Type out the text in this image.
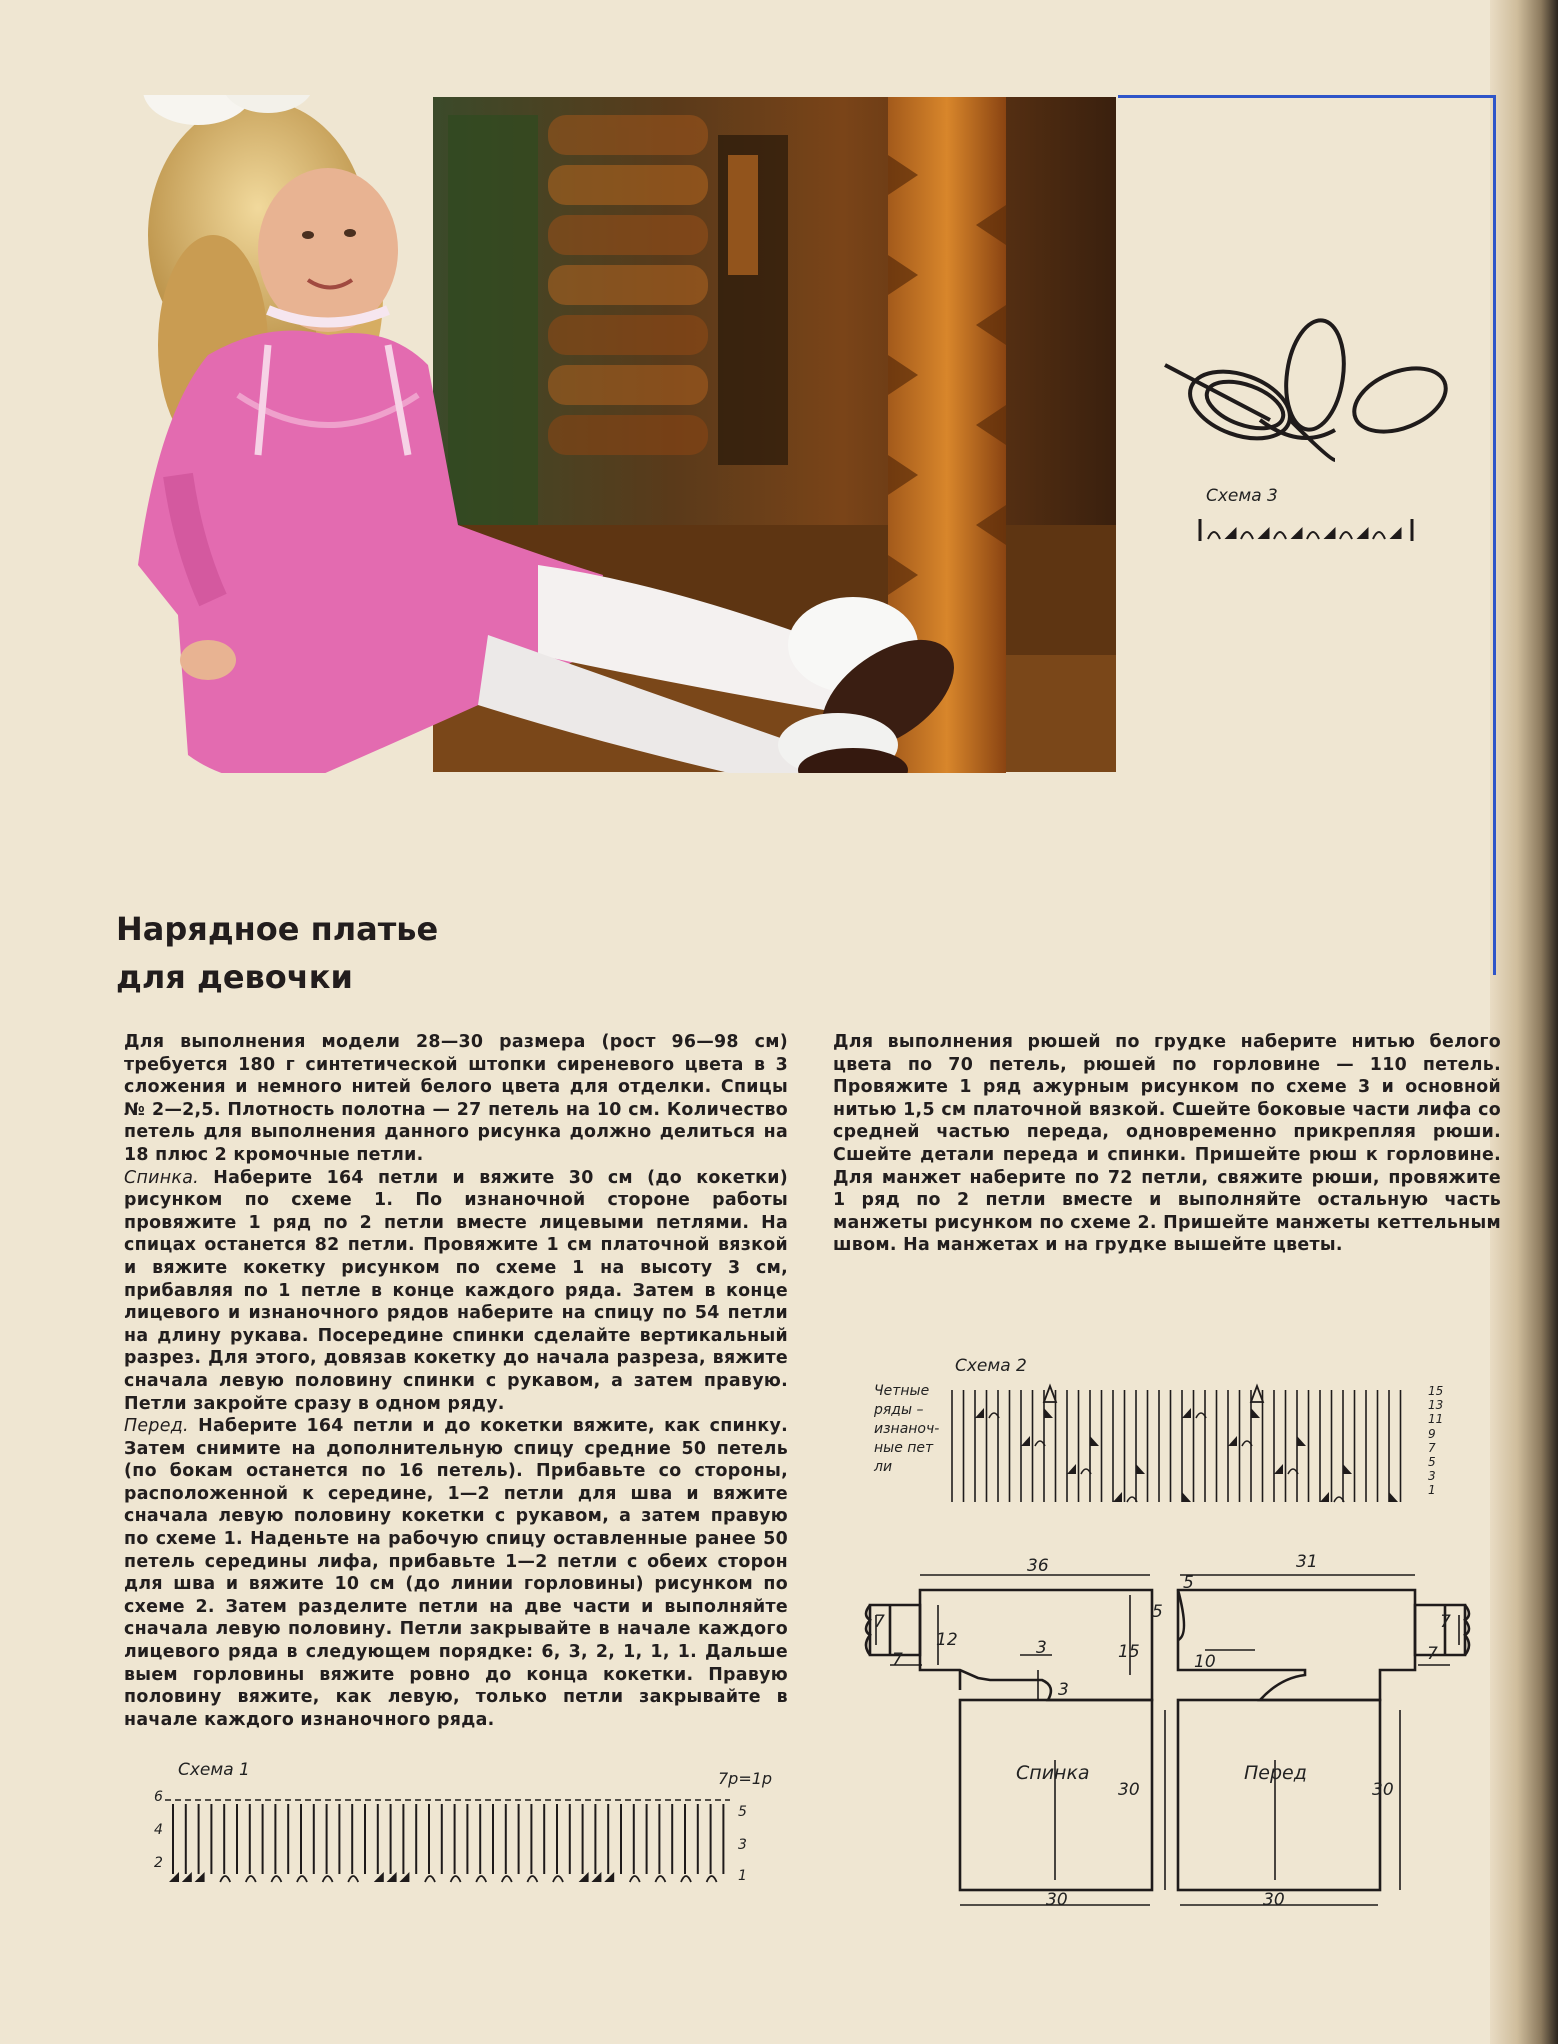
Схема 3
Нарядное платье
для девочки

Для выполнения модели 28—30 размера (рост 96—98 см) требуется 180 г синтетической штопки сиреневого цвета в 3 сложения и немного нитей белого цвета для отделки. Спицы № 2—2,5. Плотность полотна — 27 петель на 10 см. Количество петель для выполнения данного рисунка должно делиться на 18 плюс 2 кромочные петли.

Спинка. Наберите 164 петли и вяжите 30 см (до кокетки) рисунком по схеме 1. По изнаночной стороне работы провяжите 1 ряд по 2 петли вместе лицевыми петлями. На спицах останется 82 петли. Провяжите 1 см платочной вязкой и вяжите кокетку рисунком по схеме 1 на высоту 3 см, прибавляя по 1 петле в конце каждого ряда. Затем в конце лицевого и изнаночного рядов наберите на спицу по 54 петли на длину рукава. Посередине спинки сделайте вертикальный разрез. Для этого, довязав кокетку до начала разреза, вяжите сначала левую половину спинки с рукавом, а затем правую. Петли закройте сразу в одном ряду.

Перед. Наберите 164 петли и до кокетки вяжите, как спинку. Затем снимите на дополнительную спицу средние 50 петель (по бокам останется по 16 петель). Прибавьте со стороны, расположенной к середине, 1—2 петли для шва и вяжите сначала левую половину кокетки с рукавом, а затем правую по схеме 1. Наденьте на рабочую спицу оставленные ранее 50 петель середины лифа, прибавьте 1—2 петли с обеих сторон для шва и вяжите 10 см (до линии горловины) рисунком по схеме 2. Затем разделите петли на две части и выполняйте сначала левую половину. Петли закрывайте в начале каждого лицевого ряда в следующем порядке: 6, 3, 2, 1, 1, 1. Дальше выем горловины вяжите ровно до конца кокетки. Правую половину вяжите, как левую, только петли закрывайте в начале каждого изнаночного ряда.

Для выполнения рюшей по грудке наберите нитью белого цвета по 70 петель, рюшей по горловине — 110 петель. Провяжите 1 ряд ажурным рисунком по схеме 3 и основной нитью 1,5 см платочной вязкой. Сшейте боковые части лифа со средней частью переда, одновременно прикрепляя рюши. Сшейте детали переда и спинки. Пришейте рюш к горловине. Для манжет наберите по 72 петли, свяжите рюши, провяжите 1 ряд по 2 петли вместе и выполняйте остальную часть манжеты рисунком по схеме 2. Пришейте манжеты кеттельным швом. На манжетах и на грудке вышейте цветы.

Схема 1	7р=1р
6
4
2
5
3
1
Схема 2
Четные
ряды –
изнанoч-
ные пет
ли
15
13
11
9
7
5
3
1
Спинка	Перед
36	31
5
5
10
7
7
7
7
12
15
3
3
30	30
30	30
